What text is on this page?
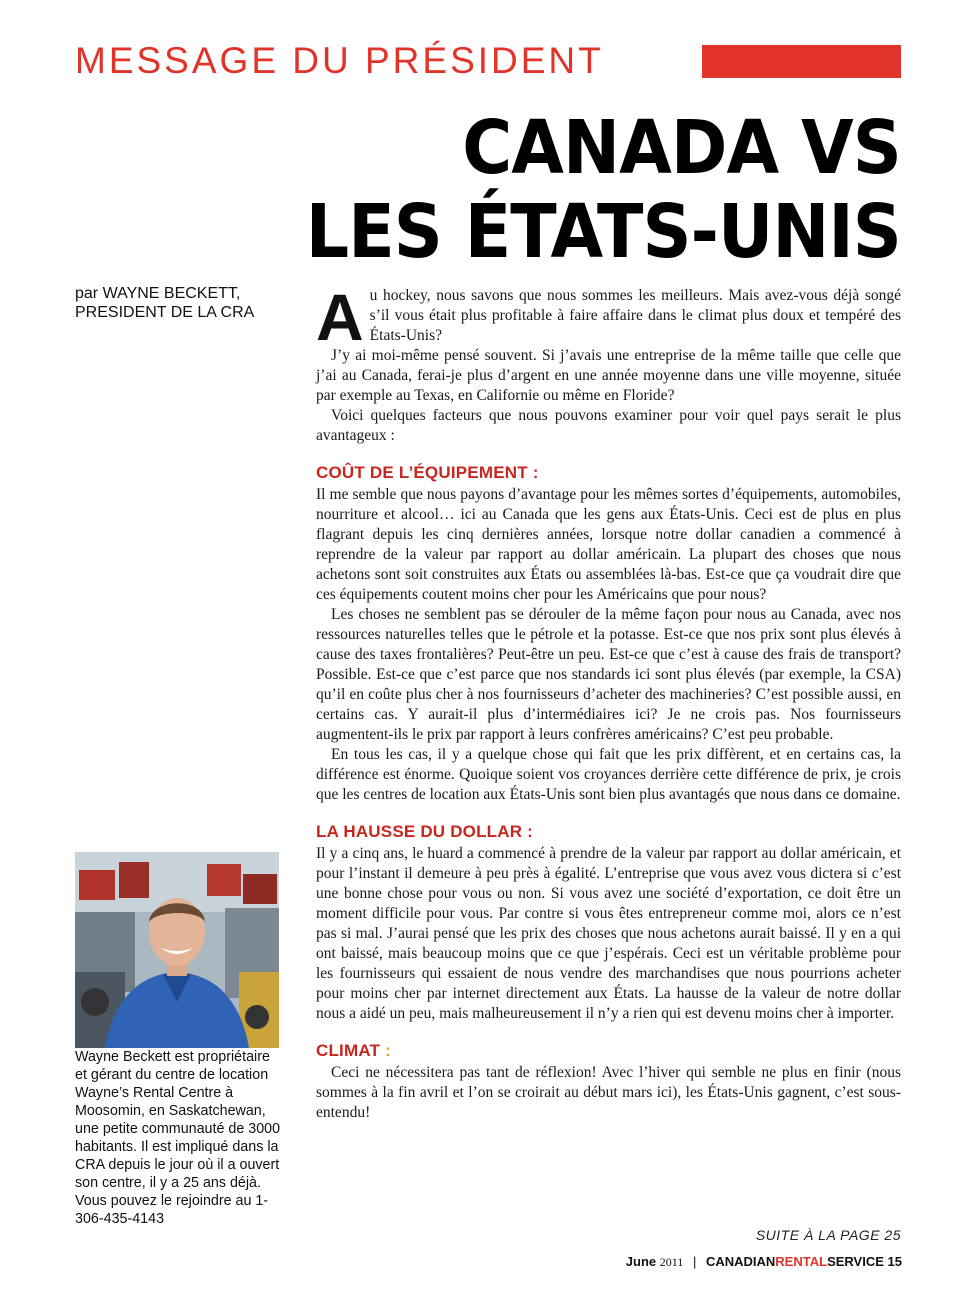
MESSAGE DU PRÉSIDENT
CANADA VS
LES ÉTATS-UNIS
par WAYNE BECKETT,
PRESIDENT DE LA CRA
Wayne Beckett est propriétaire et gérant du centre de location Wayne’s Rental Centre à Moosomin, en Saskatchewan, une petite communauté de 3000 habitants. Il est impliqué dans la CRA depuis le jour où il a ouvert son centre, il y a 25 ans déjà. Vous pouvez le rejoindre au 1-306-435-4143

Au hockey, nous savons que nous sommes les meilleurs. Mais avez-vous déjà songé s’il vous était plus profitable à faire affaire dans le climat plus doux et tempéré des États-Unis?

J’y ai moi-même pensé souvent. Si j’avais une entreprise de la même taille que celle que j’ai au Canada, ferai-je plus d’argent en une année moyenne dans une ville moyenne, située par exemple au Texas, en Californie ou même en Floride?

Voici quelques facteurs que nous pouvons examiner pour voir quel pays serait le plus avantageux :

COÛT DE L’ÉQUIPEMENT :

Il me semble que nous payons d’avantage pour les mêmes sortes d’équipements, automobiles, nourriture et alcool… ici au Canada que les gens aux États-Unis. Ceci est de plus en plus flagrant depuis les cinq dernières années, lorsque notre dollar canadien a commencé à reprendre de la valeur par rapport au dollar américain. La plupart des choses que nous achetons sont soit construites aux États ou assemblées là-bas. Est-ce que ça voudrait dire que ces équipements coutent moins cher pour les Américains que pour nous?

Les choses ne semblent pas se dérouler de la même façon pour nous au Canada, avec nos ressources naturelles telles que le pétrole et la potasse. Est-ce que nos prix sont plus élevés à cause des taxes frontalières? Peut-être un peu. Est-ce que c’est à cause des frais de transport? Possible. Est-ce que c’est parce que nos standards ici sont plus élevés (par exemple, la CSA) qu’il en coûte plus cher à nos fournisseurs d’acheter des machineries? C’est possible aussi, en certains cas. Y aurait-il plus d’intermédiaires ici? Je ne crois pas. Nos fournisseurs augmentent-ils le prix par rapport à leurs confrères américains? C’est peu probable.

En tous les cas, il y a quelque chose qui fait que les prix diffèrent, et en certains cas, la différence est énorme. Quoique soient vos croyances derrière cette différence de prix, je crois que les centres de location aux États-Unis sont bien plus avantagés que nous dans ce domaine.

LA HAUSSE DU DOLLAR :

Il y a cinq ans, le huard a commencé à prendre de la valeur par rapport au dollar américain, et pour l’instant il demeure à peu près à égalité. L’entreprise que vous avez vous dictera si c’est une bonne chose pour vous ou non. Si vous avez une société d’exportation, ce doit être un moment difficile pour vous. Par contre si vous êtes entrepreneur comme moi, alors ce n’est pas si mal. J’aurai pensé que les prix des choses que nous achetons aurait baissé. Il y en a qui ont baissé, mais beaucoup moins que ce que j’espérais. Ceci est un véritable problème pour les fournisseurs qui essaient de nous vendre des marchandises que nous pourrions acheter pour moins cher par internet directement aux États. La hausse de la valeur de notre dollar nous a aidé un peu, mais malheureusement il n’y a rien qui est devenu moins cher à importer.

CLIMAT :

Ceci ne nécessitera pas tant de réflexion! Avec l’hiver qui semble ne plus en finir (nous sommes à la fin avril et l’on se croirait au début mars ici), les États-Unis gagnent, c’est sous-entendu!

SUITE À LA PAGE 25
June 2011 | CANADIANRENTALSERVICE 15
